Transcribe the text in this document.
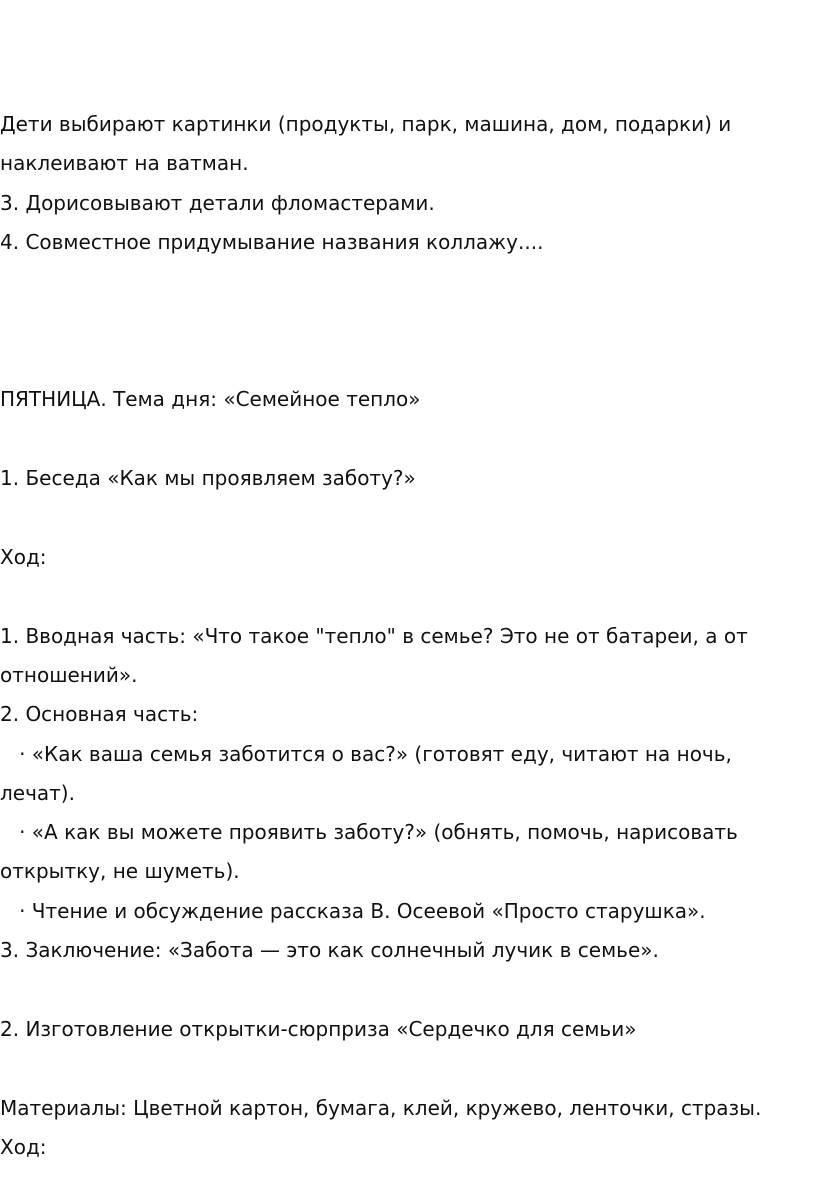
Дети выбирают картинки (продукты, парк, машина, дом, подарки) и
наклеивают на ватман.
3. Дорисовывают детали фломастерами.
4. Совместное придумывание названия коллажу....
ПЯТНИЦА. Тема дня: «Семейное тепло»
1. Беседа «Как мы проявляем заботу?»
Ход:
1. Вводная часть: «Что такое "тепло" в семье? Это не от батареи, а от
отношений».
2. Основная часть:
· «Как ваша семья заботится о вас?» (готовят еду, читают на ночь,
лечат).
· «А как вы можете проявить заботу?» (обнять, помочь, нарисовать
открытку, не шуметь).
· Чтение и обсуждение рассказа В. Осеевой «Просто старушка».
3. Заключение: «Забота — это как солнечный лучик в семье».
2. Изготовление открытки-сюрприза «Сердечко для семьи»
Материалы: Цветной картон, бумага, клей, кружево, ленточки, стразы.
Ход:
